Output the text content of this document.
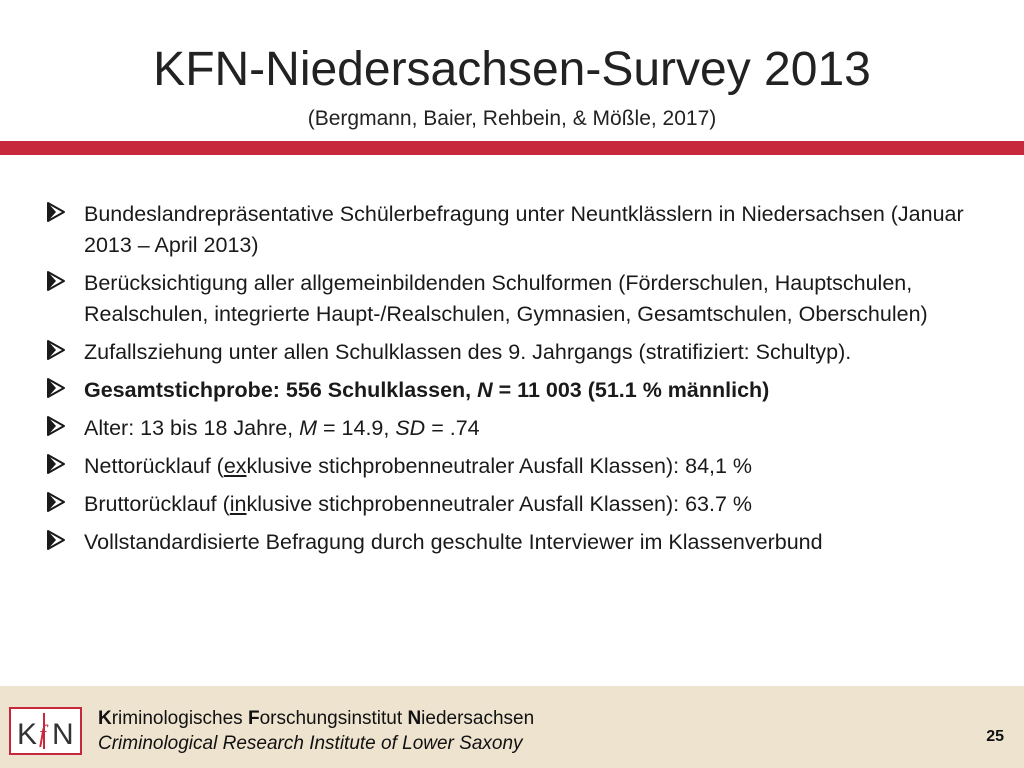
KFN-Niedersachsen-Survey 2013
(Bergmann, Baier, Rehbein, & Mößle, 2017)
Bundeslandrepräsentative Schülerbefragung unter Neuntklässlern in Niedersachsen (Januar 2013 – April 2013)
Berücksichtigung aller allgemeinbildenden Schulformen (Förderschulen, Hauptschulen, Realschulen, integrierte Haupt-/Realschulen, Gymnasien, Gesamtschulen, Oberschulen)
Zufallsziehung unter allen Schulklassen des 9. Jahrgangs (stratifiziert: Schultyp).
Gesamtstichprobe: 556 Schulklassen, N = 11 003 (51.1 % männlich)
Alter: 13 bis 18 Jahre, M = 14.9, SD = .74
Nettorücklauf (exklusive stichprobenneutraler Ausfall Klassen): 84,1 %
Bruttorücklauf (inklusive stichprobenneutraler Ausfall Klassen): 63.7 %
Vollstandardisierte Befragung durch geschulte Interviewer im Klassenverbund
K f N Kriminologisches Forschungsinstitut Niedersachsen
Criminological Research Institute of Lower Saxony	25
